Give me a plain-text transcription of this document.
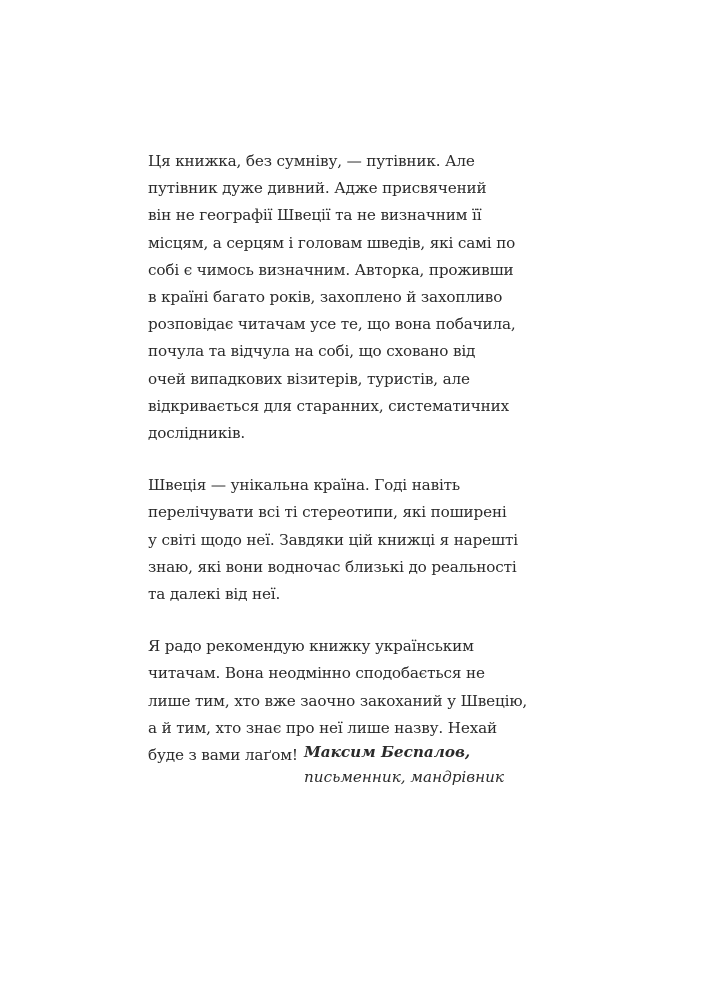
Ця книжка, без сумніву, — путівник. Але
путівник дуже дивний. Адже присвячений
він не географії Швеції та не визначним її
місцям, а серцям і головам шведів, які самі по
собі є чимось визначним. Авторка, проживши
в країні багато років, захоплено й захопливо
розповідає читачам усе те, що вона побачила,
почула та відчула на собі, що сховано від
очей випадкових візитерів, туристів, але
відкривається для старанних, систематичних
дослідників.

Швеція — унікальна країна. Годі навіть
перелічувати всі ті стереотипи, які поширені
у світі щодо неї. Завдяки цій книжці я нарешті
знаю, які вони водночас близькі до реальності
та далекі від неї.

Я радо рекомендую книжку українським
читачам. Вона неодмінно сподобається не
лише тим, хто вже заочно закоханий у Швецію,
а й тим, хто знає про неї лише назву. Нехай
буде з вами лаґом! Максим Беспалов,
письменник, мандрівник
